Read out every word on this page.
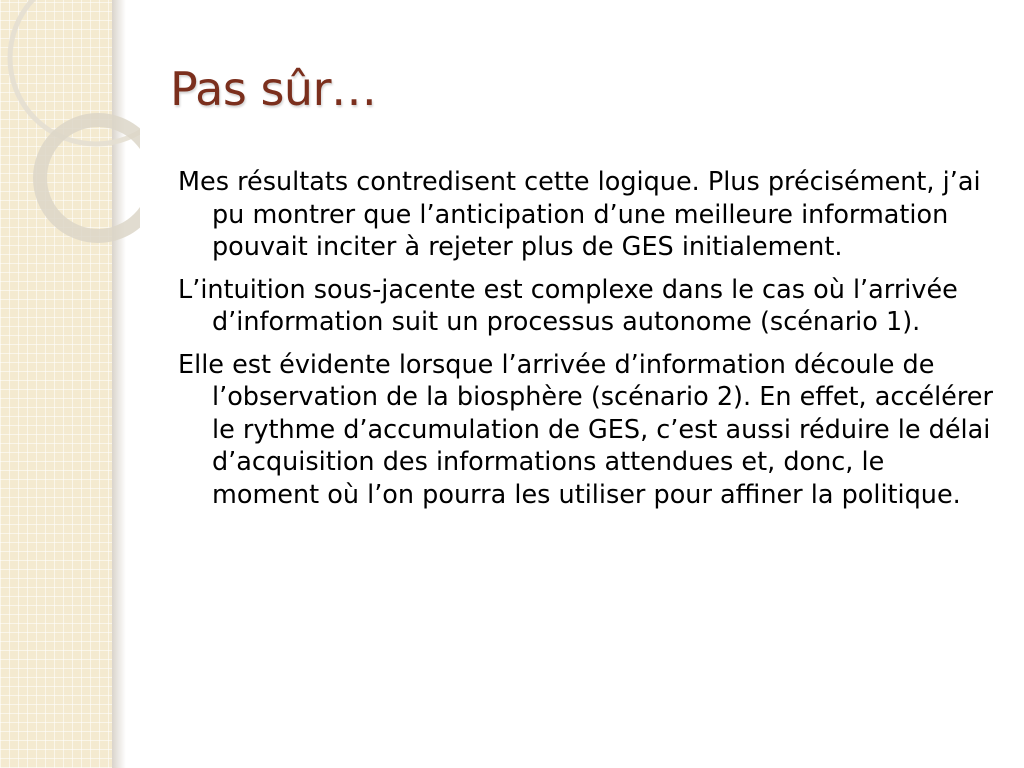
Pas sûr…
Mes résultats contredisent cette logique. Plus précisément, j’ai pu montrer que l’anticipation d’une meilleure information pouvait inciter à rejeter plus de GES initialement.
L’intuition sous-jacente est complexe dans le cas où l’arrivée d’information suit un processus autonome (scénario 1).
Elle est évidente lorsque l’arrivée d’information découle de l’observation de la biosphère (scénario 2). En effet, accélérer le rythme d’accumulation de GES, c’est aussi réduire le délai d’acquisition des informations attendues et, donc, le moment où l’on pourra les utiliser pour affiner la politique.
